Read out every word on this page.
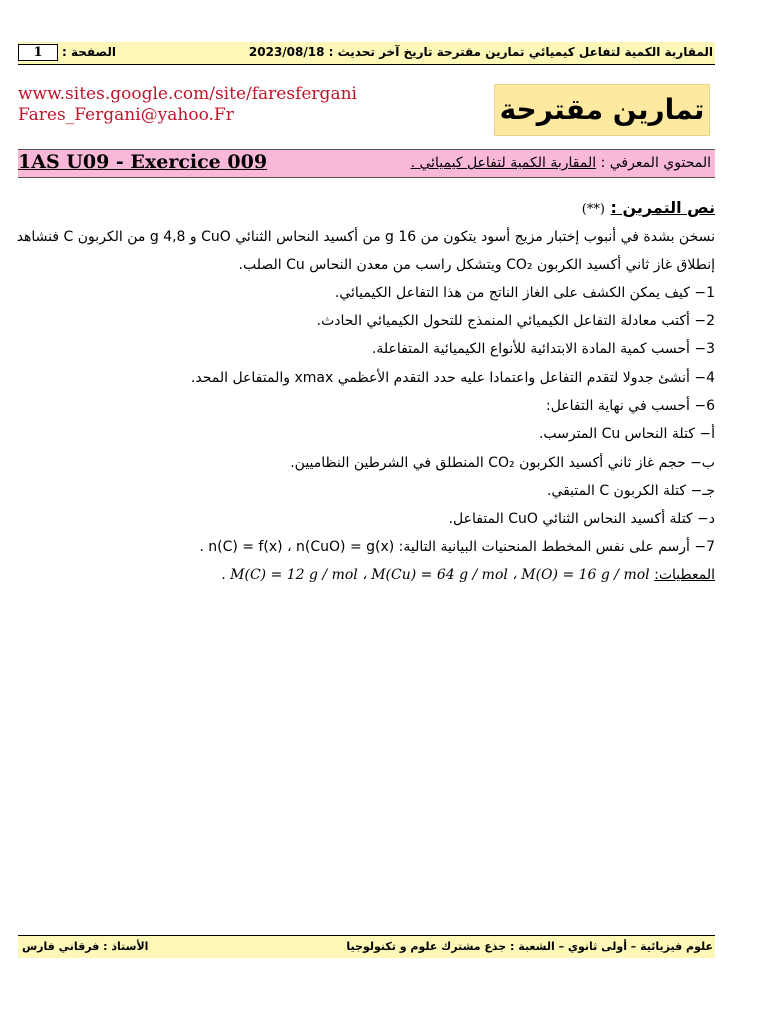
المقاربة الكمية لتفاعل كيميائي تمارين مقترحة تاريخ آخر تحديث : 2023/08/18
1	الصفحة :
www.sites.google.com/site/faresfergani
Fares_Fergani@yahoo.Fr	تمارين مقترحة
1AS U09 - Exercice 009	المحتوي المعرفي : المقاربة الكمية لتفاعل كيميائي .
نص التمرين : (**)
نسخن بشدة في أنبوب إختبار مزيج أسود يتكون من 16 g من أكسيد النحاس الثنائي CuO و 4,8 g من الكربون C فنشاهد
إنطلاق غاز ثاني أكسيد الكربون CO₂ ويتشكل راسب من معدن النحاس Cu الصلب.
1− كيف يمكن الكشف على الغاز الناتج من هذا التفاعل الكيميائي.
2− أكتب معادلة التفاعل الكيميائي المنمذج للتحول الكيميائي الحادث.
3− أحسب كمية المادة الابتدائية للأنواع الكيميائية المتفاعلة.
4− أنشئ جدولا لتقدم التفاعل واعتمادا عليه حدد التقدم الأعظمي xmax والمتفاعل المحد.
6− أحسب في نهاية التفاعل:
أ− كتلة النحاس Cu المترسب.
ب− حجم غاز ثاني أكسيد الكربون CO₂ المنطلق في الشرطين النظاميين.
جـ− كتلة الكربون C المتبقي.
د− كتلة أكسيد النحاس الثنائي CuO المتفاعل.
7− أرسم على نفس المخطط المنحنيات البيانية التالية: n(C) = f(x) ، n(CuO) = g(x) .
المعطيات: M(C) = 12 g / mol ، M(Cu) = 64 g / mol ، M(O) = 16 g / mol .
علوم فيزيائية – أولى ثانوي – الشعبة : جذع مشترك علوم و تكنولوجيا
الأستاذ : فرقاني فارس
